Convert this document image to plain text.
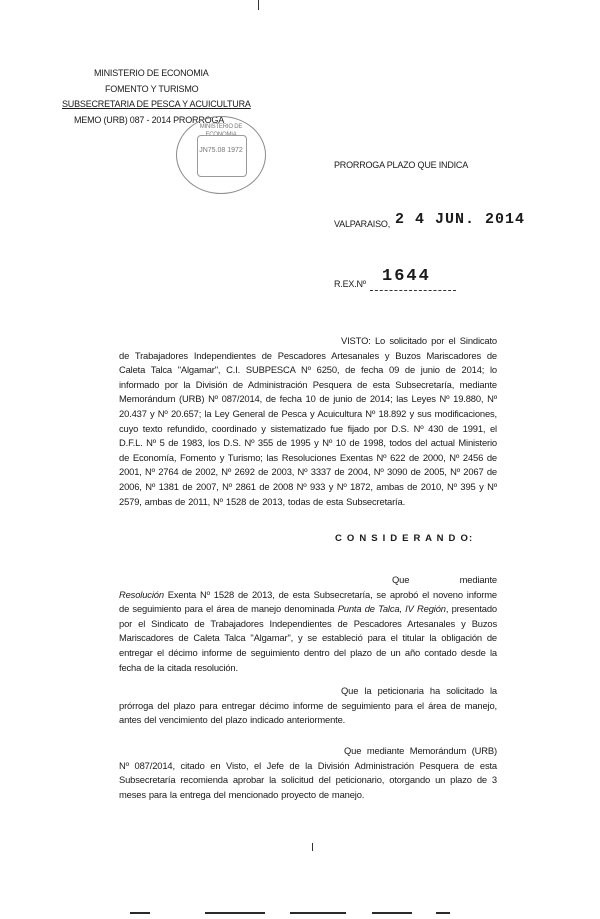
MINISTERIO DE ECONOMIA
FOMENTO Y TURISMO
SUBSECRETARIA DE PESCA Y ACUICULTURA
MEMO (URB) 087 - 2014 PRORROGA
MINISTERIO DE ECONOMIA
JN75.08 1972
PRORROGA PLAZO QUE INDICA
VALPARAISO, 2 4 JUN. 2014
R.EX.Nº 1644
VISTO: Lo solicitado por el Sindicato de Trabajadores Independientes de Pescadores Artesanales y Buzos Mariscadores de Caleta Talca "Algamar", C.I. SUBPESCA Nº 6250, de fecha 09 de junio de 2014; lo informado por la División de Administración Pesquera de esta Subsecretaría, mediante Memorándum (URB) Nº 087/2014, de fecha 10 de junio de 2014; las Leyes Nº 19.880, Nº 20.437 y Nº 20.657; la Ley General de Pesca y Acuicultura Nº 18.892 y sus modificaciones, cuyo texto refundido, coordinado y sistematizado fue fijado por D.S. Nº 430 de 1991, el D.F.L. Nº 5 de 1983, los D.S. Nº 355 de 1995 y Nº 10 de 1998, todos del actual Ministerio de Economía, Fomento y Turismo; las Resoluciones Exentas Nº 622 de 2000, Nº 2456 de 2001, Nº 2764 de 2002, Nº 2692 de 2003, Nº 3337 de 2004, Nº 3090 de 2005, Nº 2067 de 2006, Nº 1381 de 2007, Nº 2861 de 2008 Nº 933 y Nº 1872, ambas de 2010, Nº 395 y Nº 2579, ambas de 2011, Nº 1528 de 2013, todas de esta Subsecretaría.
C O N S I D E R A N D O:
Que mediante Resolución Exenta Nº 1528 de 2013, de esta Subsecretaría, se aprobó el noveno informe de seguimiento para el área de manejo denominada Punta de Talca, IV Región, presentado por el Sindicato de Trabajadores Independientes de Pescadores Artesanales y Buzos Mariscadores de Caleta Talca "Algamar", y se estableció para el titular la obligación de entregar el décimo informe de seguimiento dentro del plazo de un año contado desde la fecha de la citada resolución.
Que la peticionaria ha solicitado la prórroga del plazo para entregar décimo informe de seguimiento para el área de manejo, antes del vencimiento del plazo indicado anteriormente.
Que mediante Memorándum (URB) Nº 087/2014, citado en Visto, el Jefe de la División Administración Pesquera de esta Subsecretaría recomienda aprobar la solicitud del peticionario, otorgando un plazo de 3 meses para la entrega del mencionado proyecto de manejo.
